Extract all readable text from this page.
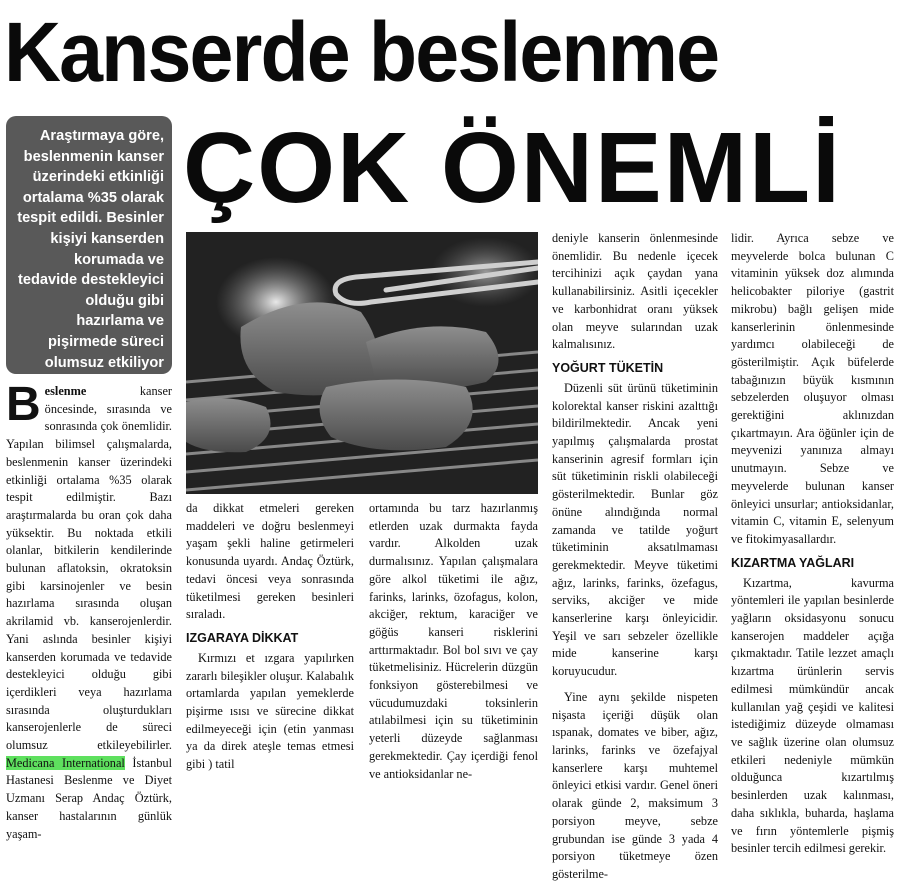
Kanserde beslenme
ÇOK ÖNEMLİ
Araştırmaya göre, beslenmenin kanser üzerindeki etkinliği ortalama %35 olarak tespit edildi. Besinler kişiyi kanserden korumada ve tedavide destekleyici olduğu gibi hazırlama ve pişirmede süreci olumsuz etkiliyor

Beslenme kanser öncesinde, sırasında ve sonrasında çok önemlidir. Yapılan bilimsel çalışmalarda, beslenmenin kanser üzerindeki etkinliği ortalama %35 olarak tespit edilmiştir. Bazı araştırmalarda bu oran çok daha yüksektir. Bu noktada etkili olanlar, bitkilerin kendilerinde bulunan aflatoksin, okratoksin gibi karsinojenler ve besin hazırlama sırasında oluşan akrilamid vb. kanserojenlerdir. Yani aslında besinler kişiyi kanserden korumada ve tedavide destekleyici olduğu gibi içerdikleri veya hazırlama sırasında oluşturdukları kanserojenlerle de süreci olumsuz etkileyebilirler. Medicana International İstanbul Hastanesi Beslenme ve Diyet Uzmanı Serap Andaç Öztürk, kanser hastalarının günlük yaşam-

da dikkat etmeleri gereken maddeleri ve doğru beslenmeyi yaşam şekli haline getirmeleri konusunda uyardı. Andaç Öztürk, tedavi öncesi veya sonrasında tüketilmesi gereken besinleri sıraladı.

IZGARAYA DİKKAT

Kırmızı et ızgara yapılırken zararlı bileşikler oluşur. Kalabalık ortamlarda yapılan yemeklerde pişirme ısısı ve sürecine dikkat edilmeyeceği için (etin yanması ya da direk ateşle temas etmesi gibi ) tatil

ortamında bu tarz hazırlanmış etlerden uzak durmakta fayda vardır. Alkolden uzak durmalısınız. Yapılan çalışmalara göre alkol tüketimi ile ağız, farinks, larinks, özofagus, kolon, akciğer, rektum, karaciğer ve göğüs kanseri risklerini arttırmaktadır. Bol bol sıvı ve çay tüketmelisiniz. Hücrelerin düzgün fonksiyon gösterebilmesi ve vücudumuzdaki toksinlerin atılabilmesi için su tüketiminin yeterli düzeyde sağlanması gerekmektedir. Çay içerdiği fenol ve antioksidanlar ne-

deniyle kanserin önlenmesinde önemlidir. Bu nedenle içecek tercihinizi açık çaydan yana kullanabilirsiniz. Asitli içecekler ve karbonhidrat oranı yüksek olan meyve sularından uzak kalmalısınız.

YOĞURT TÜKETİN

Düzenli süt ürünü tüketiminin kolorektal kanser riskini azalttığı bildirilmektedir. Ancak yeni yapılmış çalışmalarda prostat kanserinin agresif formları için süt tüketiminin riskli olabileceği gösterilmektedir. Bunlar göz önüne alındığında normal zamanda ve tatilde yoğurt tüketiminin aksatılmaması gerekmektedir. Meyve tüketimi ağız, larinks, farinks, özefagus, serviks, akciğer ve mide kanserlerine karşı önleyicidir. Yeşil ve sarı sebzeler özellikle mide kanserine karşı koruyucudur.

Yine aynı şekilde nispeten nişasta içeriği düşük olan ıspanak, domates ve biber, ağız, larinks, farinks ve özefajyal kanserlere karşı muhtemel önleyici etkisi vardır. Genel öneri olarak günde 2, maksimum 3 porsiyon meyve, sebze grubundan ise günde 3 yada 4 porsiyon tüketmeye özen gösterilme-

lidir. Ayrıca sebze ve meyvelerde bolca bulunan C vitaminin yüksek doz alımında helicobakter piloriye (gastrit mikrobu) bağlı gelişen mide kanserlerinin önlenmesinde yardımcı olabileceği de gösterilmiştir. Açık büfelerde tabağınızın büyük kısmının sebzelerden oluşuyor olması gerektiğini aklınızdan çıkartmayın. Ara öğünler için de meyvenizi yanınıza almayı unutmayın. Sebze ve meyvelerde bulunan kanser önleyici unsurlar; antioksidanlar, vitamin C, vitamin E, selenyum ve fitokimyasallardır.

KIZARTMA YAĞLARI

Kızartma, kavurma yöntemleri ile yapılan besinlerde yağların oksidasyonu sonucu kanserojen maddeler açığa çıkmaktadır. Tatile lezzet amaçlı kızartma ürünlerin servis edilmesi mümkündür ancak kullanılan yağ çeşidi ve kalitesi istediğimiz düzeyde olmaması ve sağlık üzerine olan olumsuz etkileri nedeniyle mümkün olduğunca kızartılmış besinlerden uzak kalınması, daha sıklıkla, buharda, haşlama ve fırın yöntemlerle pişmiş besinler tercih edilmesi gerekir.
